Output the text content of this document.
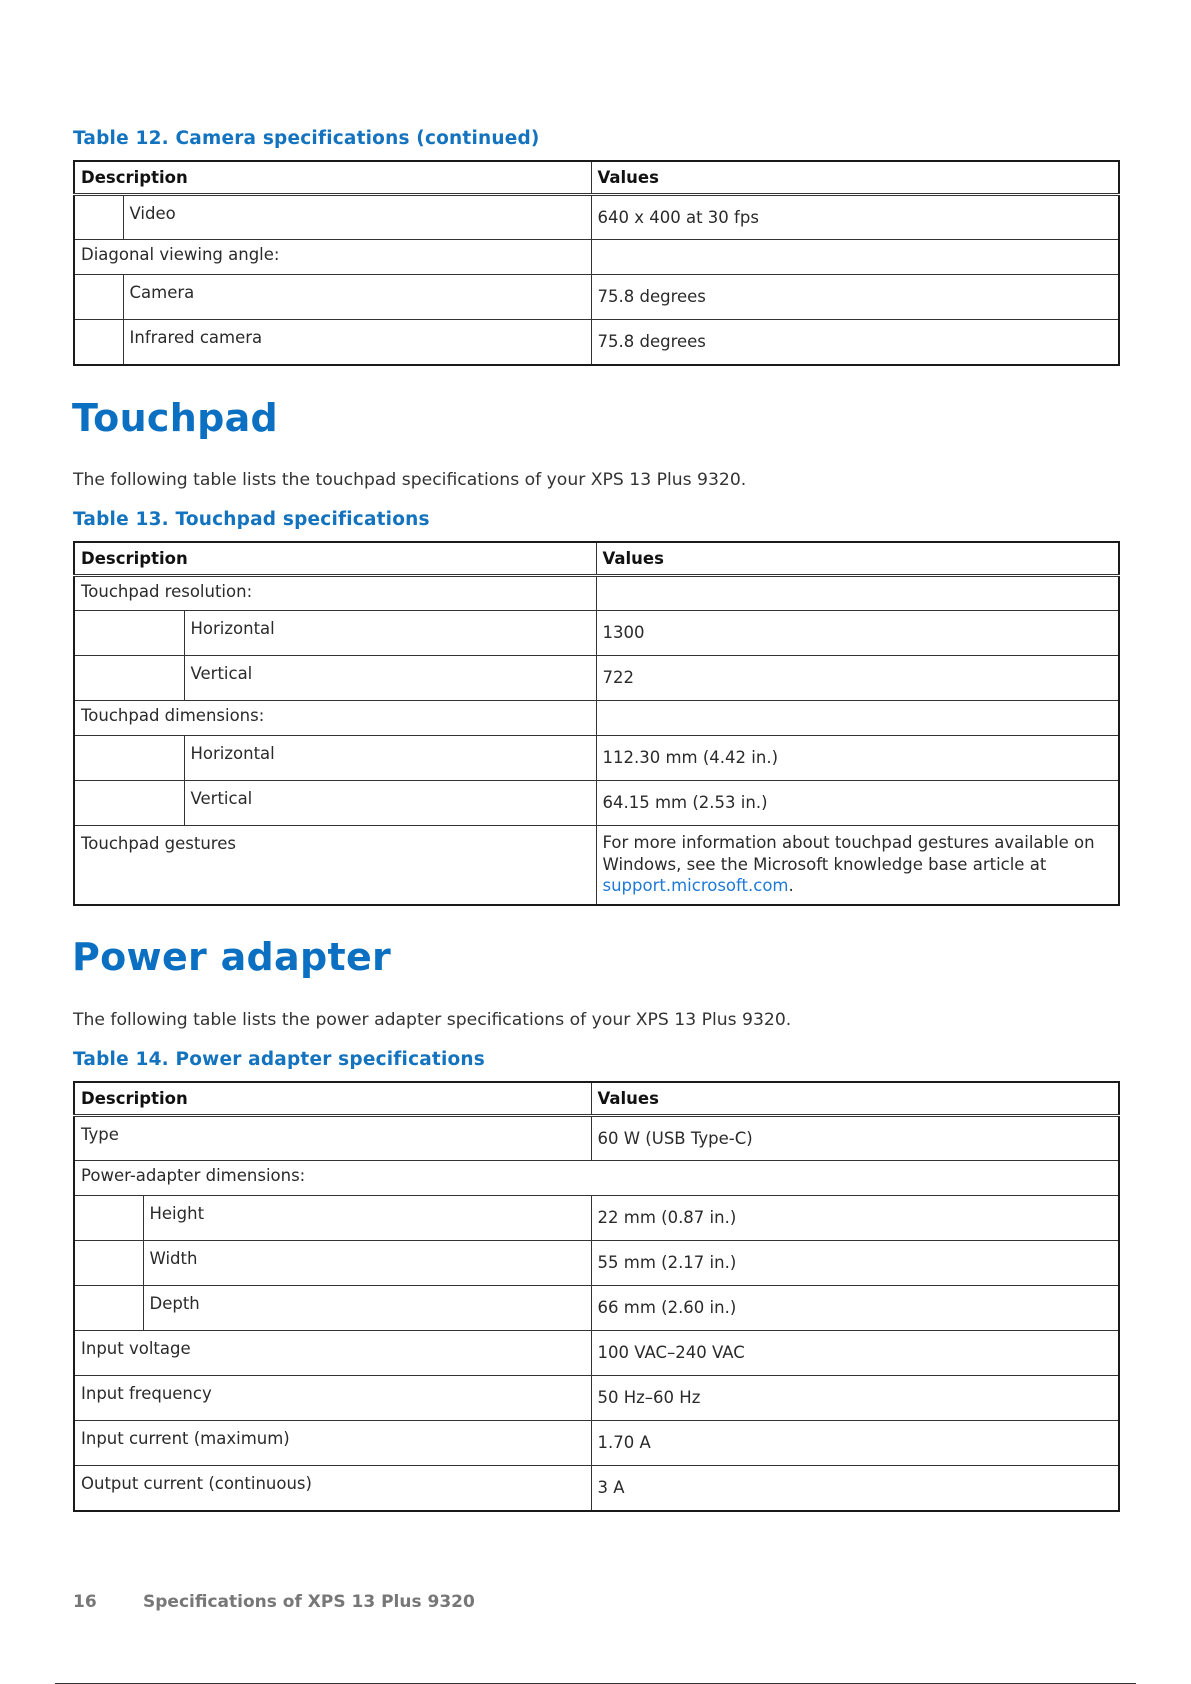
Table 12. Camera specifications (continued)
Description		Values
	Video	640 x 400 at 30 fps
Diagonal viewing angle:		
	Camera	75.8 degrees
	Infrared camera	75.8 degrees
Touchpad
The following table lists the touchpad specifications of your XPS 13 Plus 9320.
Table 13. Touchpad specifications
Description		Values
Touchpad resolution:		
	Horizontal	1300
	Vertical	722
Touchpad dimensions:		
	Horizontal	112.30 mm (4.42 in.)
	Vertical	64.15 mm (2.53 in.)
Touchpad gestures		For more information about touchpad gestures available on Windows, see the Microsoft knowledge base article at support.microsoft.com.
Power adapter
The following table lists the power adapter specifications of your XPS 13 Plus 9320.
Table 14. Power adapter specifications
Description		Values
Type		60 W (USB Type-C)
Power-adapter dimensions:		
	Height	22 mm (0.87 in.)
	Width	55 mm (2.17 in.)
	Depth	66 mm (2.60 in.)
Input voltage		100 VAC–240 VAC
Input frequency		50 Hz–60 Hz
Input current (maximum)		1.70 A
Output current (continuous)		3 A
16	Specifications of XPS 13 Plus 9320
